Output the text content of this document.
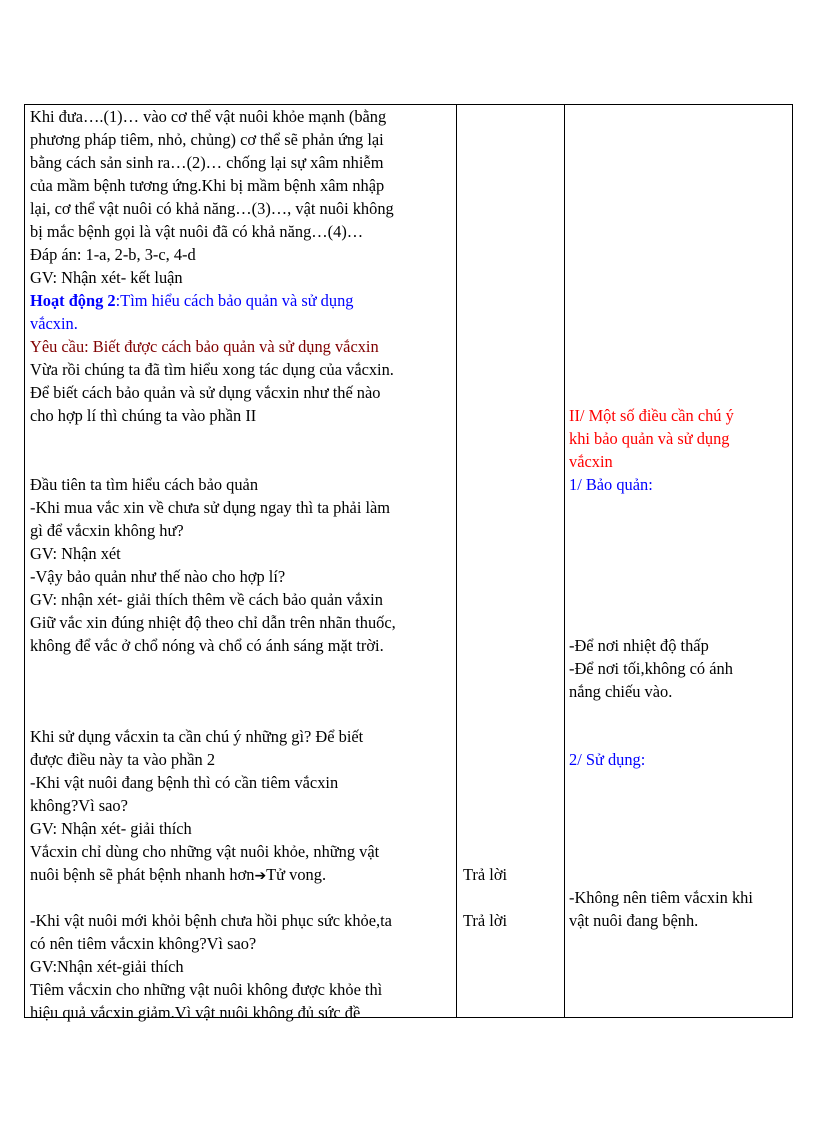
Khi đưa….(1)… vào cơ thể vật nuôi khỏe mạnh (bằng
phương pháp tiêm, nhỏ, chủng) cơ thể sẽ phản ứng lại
bằng cách sản sinh ra…(2)… chống lại sự xâm nhiễm
của mầm bệnh tương ứng.Khi bị mầm bệnh xâm nhập
lại, cơ thể vật nuôi có khả năng…(3)…, vật nuôi không
bị mắc bệnh gọi là vật nuôi đã có khả năng…(4)…
Đáp án: 1-a, 2-b, 3-c, 4-d
GV: Nhận xét- kết luận
Hoạt động 2:Tìm hiểu cách bảo quản và sử dụng
vắcxin.
Yêu cầu: Biết được cách bảo quản và sử dụng vắcxin
Vừa rồi chúng ta đã tìm hiểu xong tác dụng của vắcxin.
Để biết cách bảo quản và sử dụng vắcxin như thế nào
cho hợp lí thì chúng ta vào phần II
Đầu tiên ta tìm hiểu cách bảo quản
-Khi mua vắc xin về chưa sử dụng ngay thì ta phải làm
gì để vắcxin không hư?
GV: Nhận xét
-Vậy bảo quản như thế nào cho hợp lí?
GV: nhận xét- giải thích thêm về cách bảo quản vắxin
Giữ vắc xin đúng nhiệt độ theo chỉ dẫn trên nhãn thuốc,
không để vắc ở chổ nóng và chổ có ánh sáng mặt trời.
Khi sử dụng vắcxin ta cần chú ý những gì? Để biết
được điều này ta vào phần 2
-Khi vật nuôi đang bệnh thì có cần tiêm vắcxin
không?Vì sao?
GV: Nhận xét- giải thích
Vắcxin chỉ dùng cho những vật nuôi khỏe, những vật
nuôi bệnh sẽ phát bệnh nhanh hơn➔Tử vong.
-Khi vật nuôi mới khỏi bệnh chưa hồi phục sức khỏe,ta
có nên tiêm vắcxin không?Vì sao?
GV:Nhận xét-giải thích
Tiêm vắcxin cho những vật nuôi không được khỏe thì
hiệu quả vắcxin giảm.Vì vật nuôi không đủ sức đề
Trả lời
Trả lời
II/ Một số điều cần chú ý
khi bảo quản và sử dụng
vắcxin
1/ Bảo quản:
-Để nơi nhiệt độ thấp
-Để nơi tối,không có ánh
nắng chiếu vào.
2/ Sử dụng:
-Không nên tiêm vắcxin khi
vật nuôi đang bệnh.
